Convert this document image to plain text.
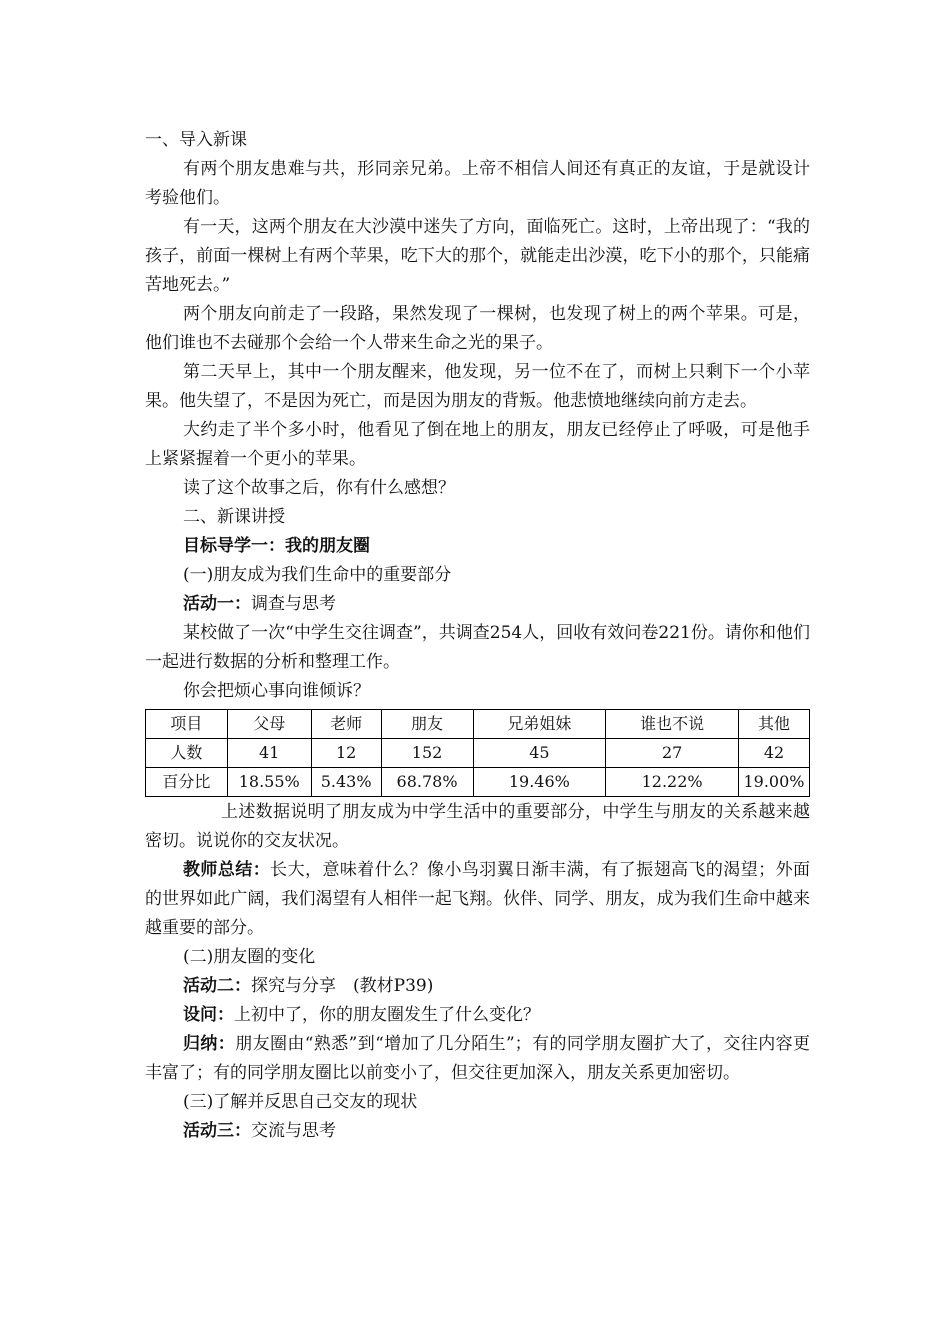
一、导入新课

有两个朋友患难与共，形同亲兄弟。上帝不相信人间还有真正的友谊，于是就设计考验他们。

有一天，这两个朋友在大沙漠中迷失了方向，面临死亡。这时，上帝出现了：“我的孩子，前面一棵树上有两个苹果，吃下大的那个，就能走出沙漠，吃下小的那个，只能痛苦地死去。”

两个朋友向前走了一段路，果然发现了一棵树，也发现了树上的两个苹果。可是，他们谁也不去碰那个会给一个人带来生命之光的果子。

第二天早上，其中一个朋友醒来，他发现，另一位不在了，而树上只剩下一个小苹果。他失望了，不是因为死亡，而是因为朋友的背叛。他悲愤地继续向前方走去。

大约走了半个多小时，他看见了倒在地上的朋友，朋友已经停止了呼吸，可是他手上紧紧握着一个更小的苹果。

读了这个故事之后，你有什么感想？

二、新课讲授

目标导学一：我的朋友圈

(一)朋友成为我们生命中的重要部分

活动一：调查与思考

某校做了一次“中学生交往调查”，共调查254人，回收有效问卷221份。请你和他们一起进行数据的分析和整理工作。

你会把烦心事向谁倾诉？

项目	父母	老师	朋友	兄弟姐妹	谁也不说	其他
人数	41	12	152	45	27	42
百分比	18.55%	5.43%	68.78%	19.46%	12.22%	19.00%

上述数据说明了朋友成为中学生活中的重要部分，中学生与朋友的关系越来越密切。说说你的交友状况。

教师总结：长大，意味着什么？像小鸟羽翼日渐丰满，有了振翅高飞的渴望；外面的世界如此广阔，我们渴望有人相伴一起飞翔。伙伴、同学、朋友，成为我们生命中越来越重要的部分。

(二)朋友圈的变化

活动二：探究与分享　(教材P39)

设问：上初中了，你的朋友圈发生了什么变化？

归纳：朋友圈由“熟悉”到“增加了几分陌生”；有的同学朋友圈扩大了，交往内容更丰富了；有的同学朋友圈比以前变小了，但交往更加深入，朋友关系更加密切。

(三)了解并反思自己交友的现状

活动三：交流与思考
